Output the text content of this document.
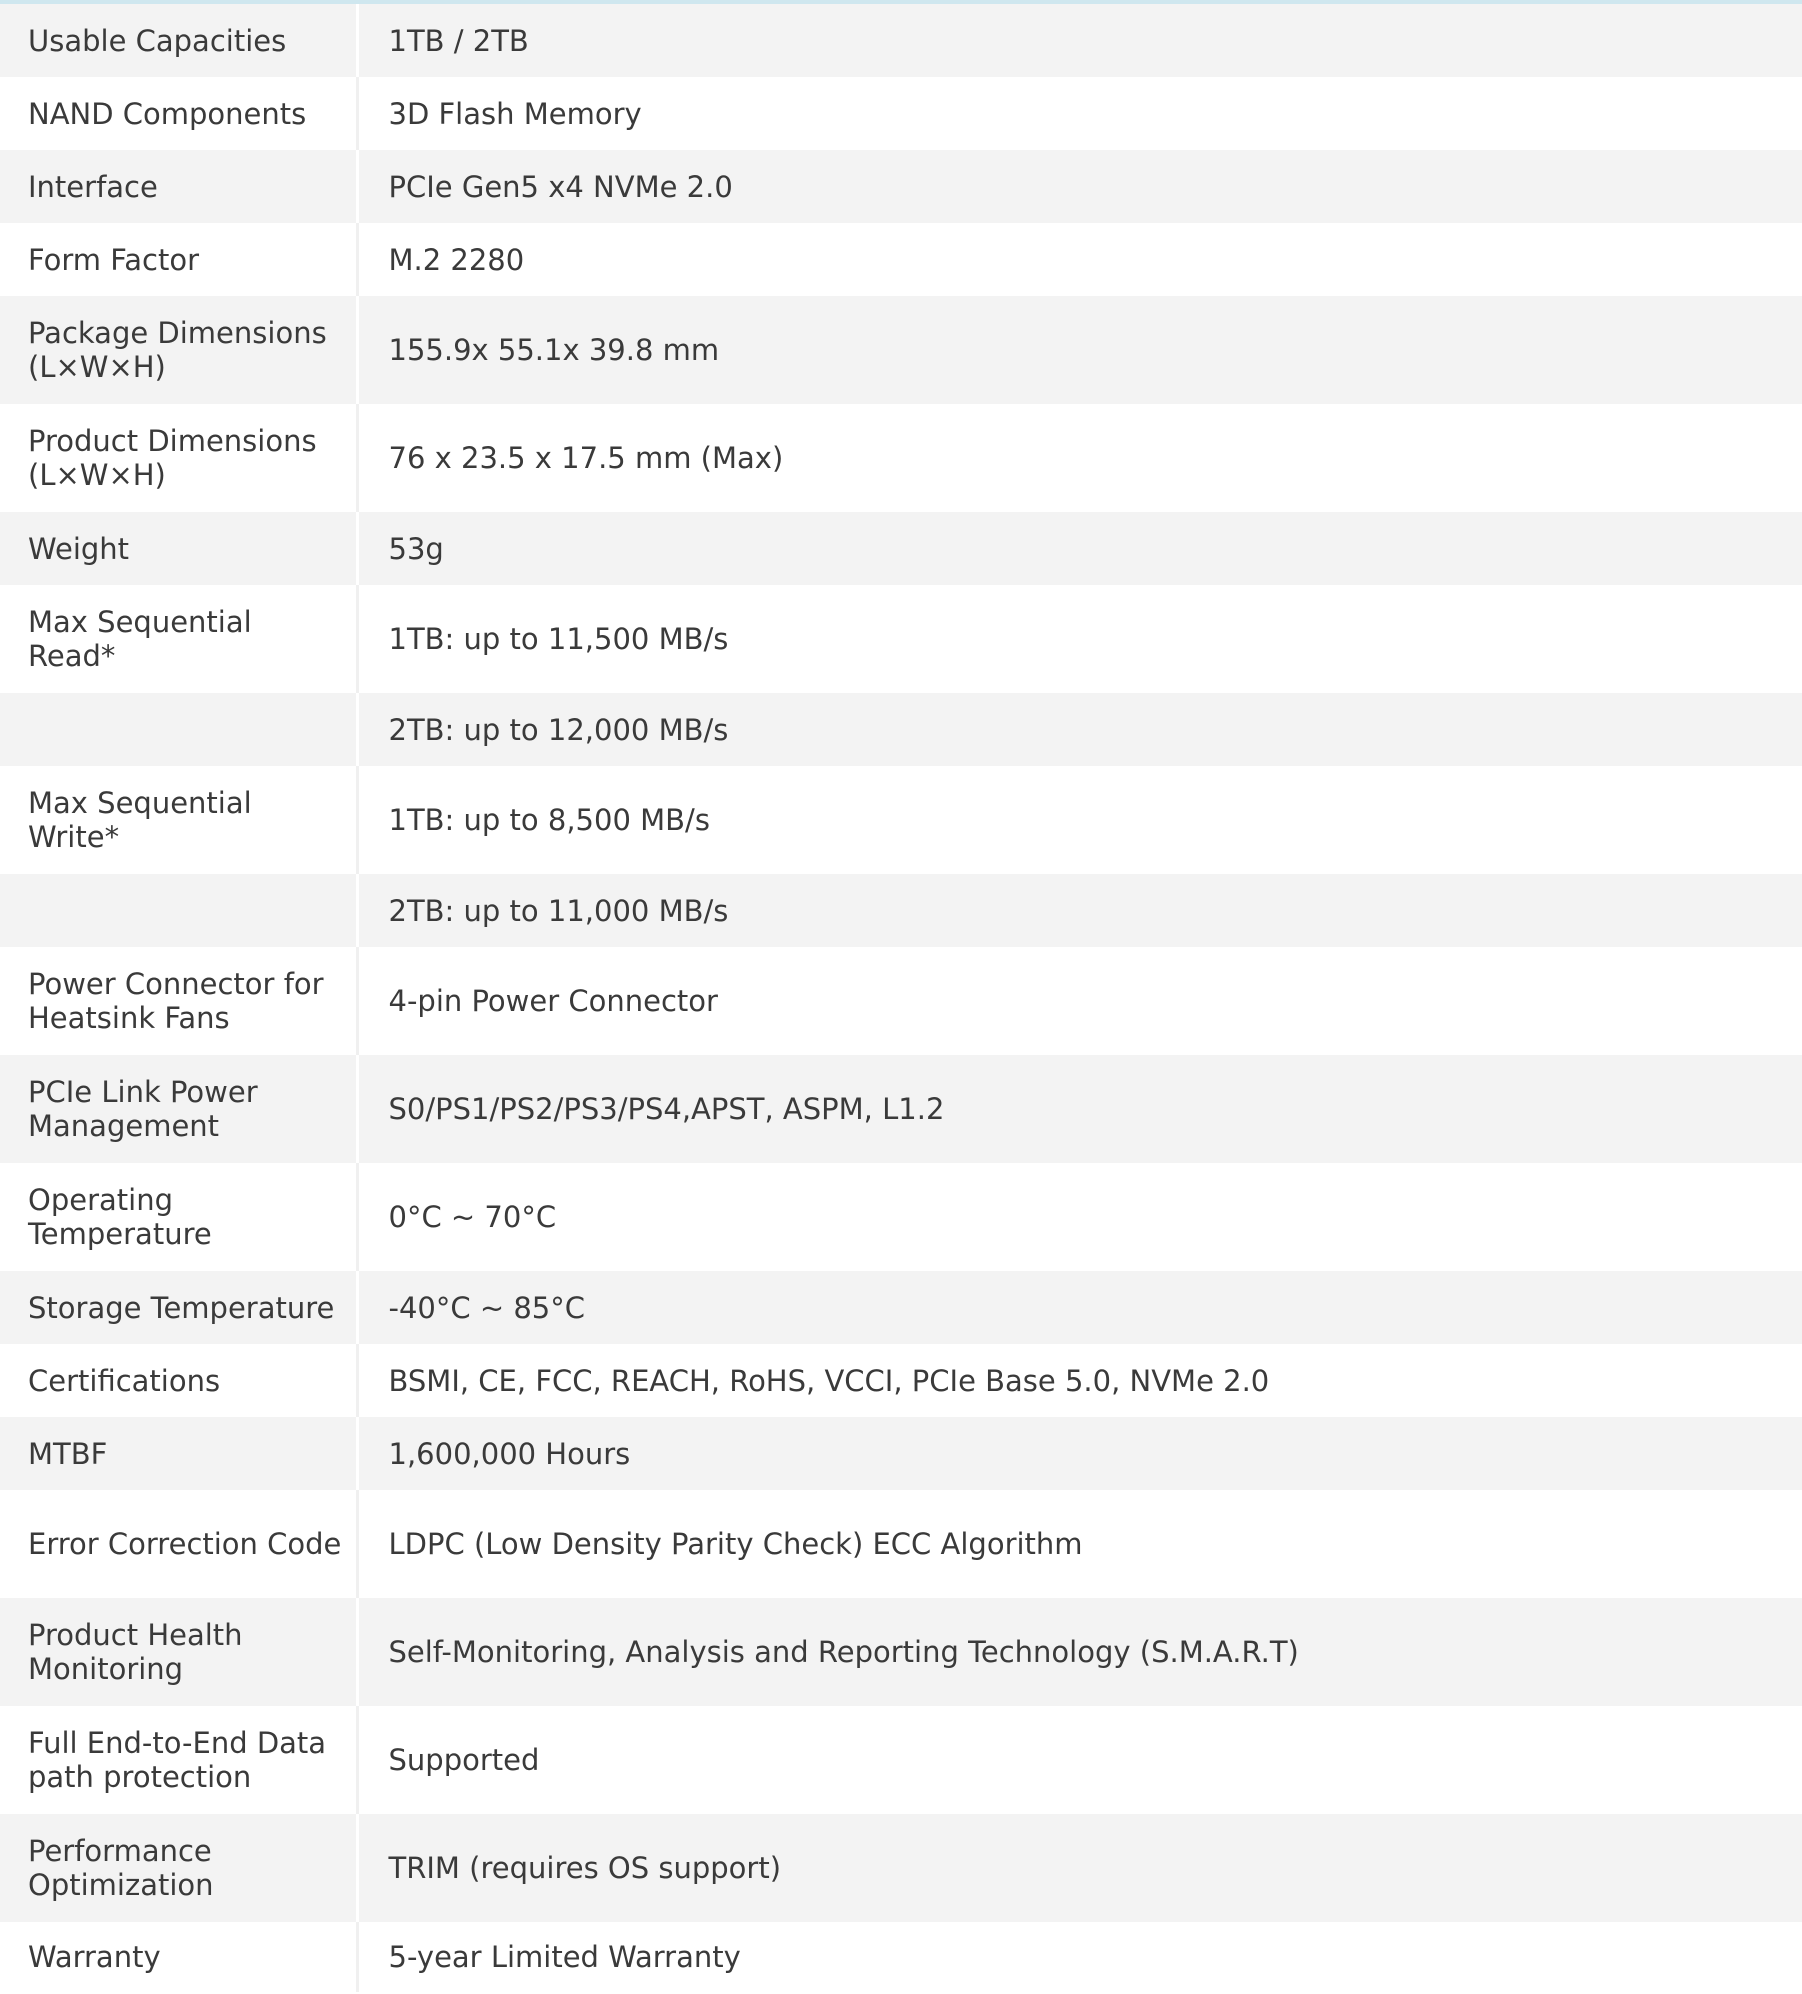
Usable Capacities	1TB / 2TB
NAND Components	3D Flash Memory
Interface	PCIe Gen5 x4 NVMe 2.0
Form Factor	M.2 2280
Package Dimensions (L×W×H)	155.9x 55.1x 39.8 mm
Product Dimensions (L×W×H)	76 x 23.5 x 17.5 mm (Max)
Weight	53g
Max Sequential Read*	1TB: up to 11,500 MB/s
	2TB: up to 12,000 MB/s
Max Sequential Write*	1TB: up to 8,500 MB/s
	2TB: up to 11,000 MB/s
Power Connector for Heatsink Fans	4-pin Power Connector
PCIe Link Power Management	S0/PS1/PS2/PS3/PS4,APST, ASPM, L1.2
Operating Temperature	0°C ~ 70°C
Storage Temperature	-40°C ~ 85°C
Certifications	BSMI, CE, FCC, REACH, RoHS, VCCI, PCIe Base 5.0, NVMe 2.0
MTBF	1,600,000 Hours
Error Correction Code	LDPC (Low Density Parity Check) ECC Algorithm
Product Health Monitoring	Self-Monitoring, Analysis and Reporting Technology (S.M.A.R.T)
Full End-to-End Data path protection	Supported
Performance Optimization	TRIM (requires OS support)
Warranty	5-year Limited Warranty
